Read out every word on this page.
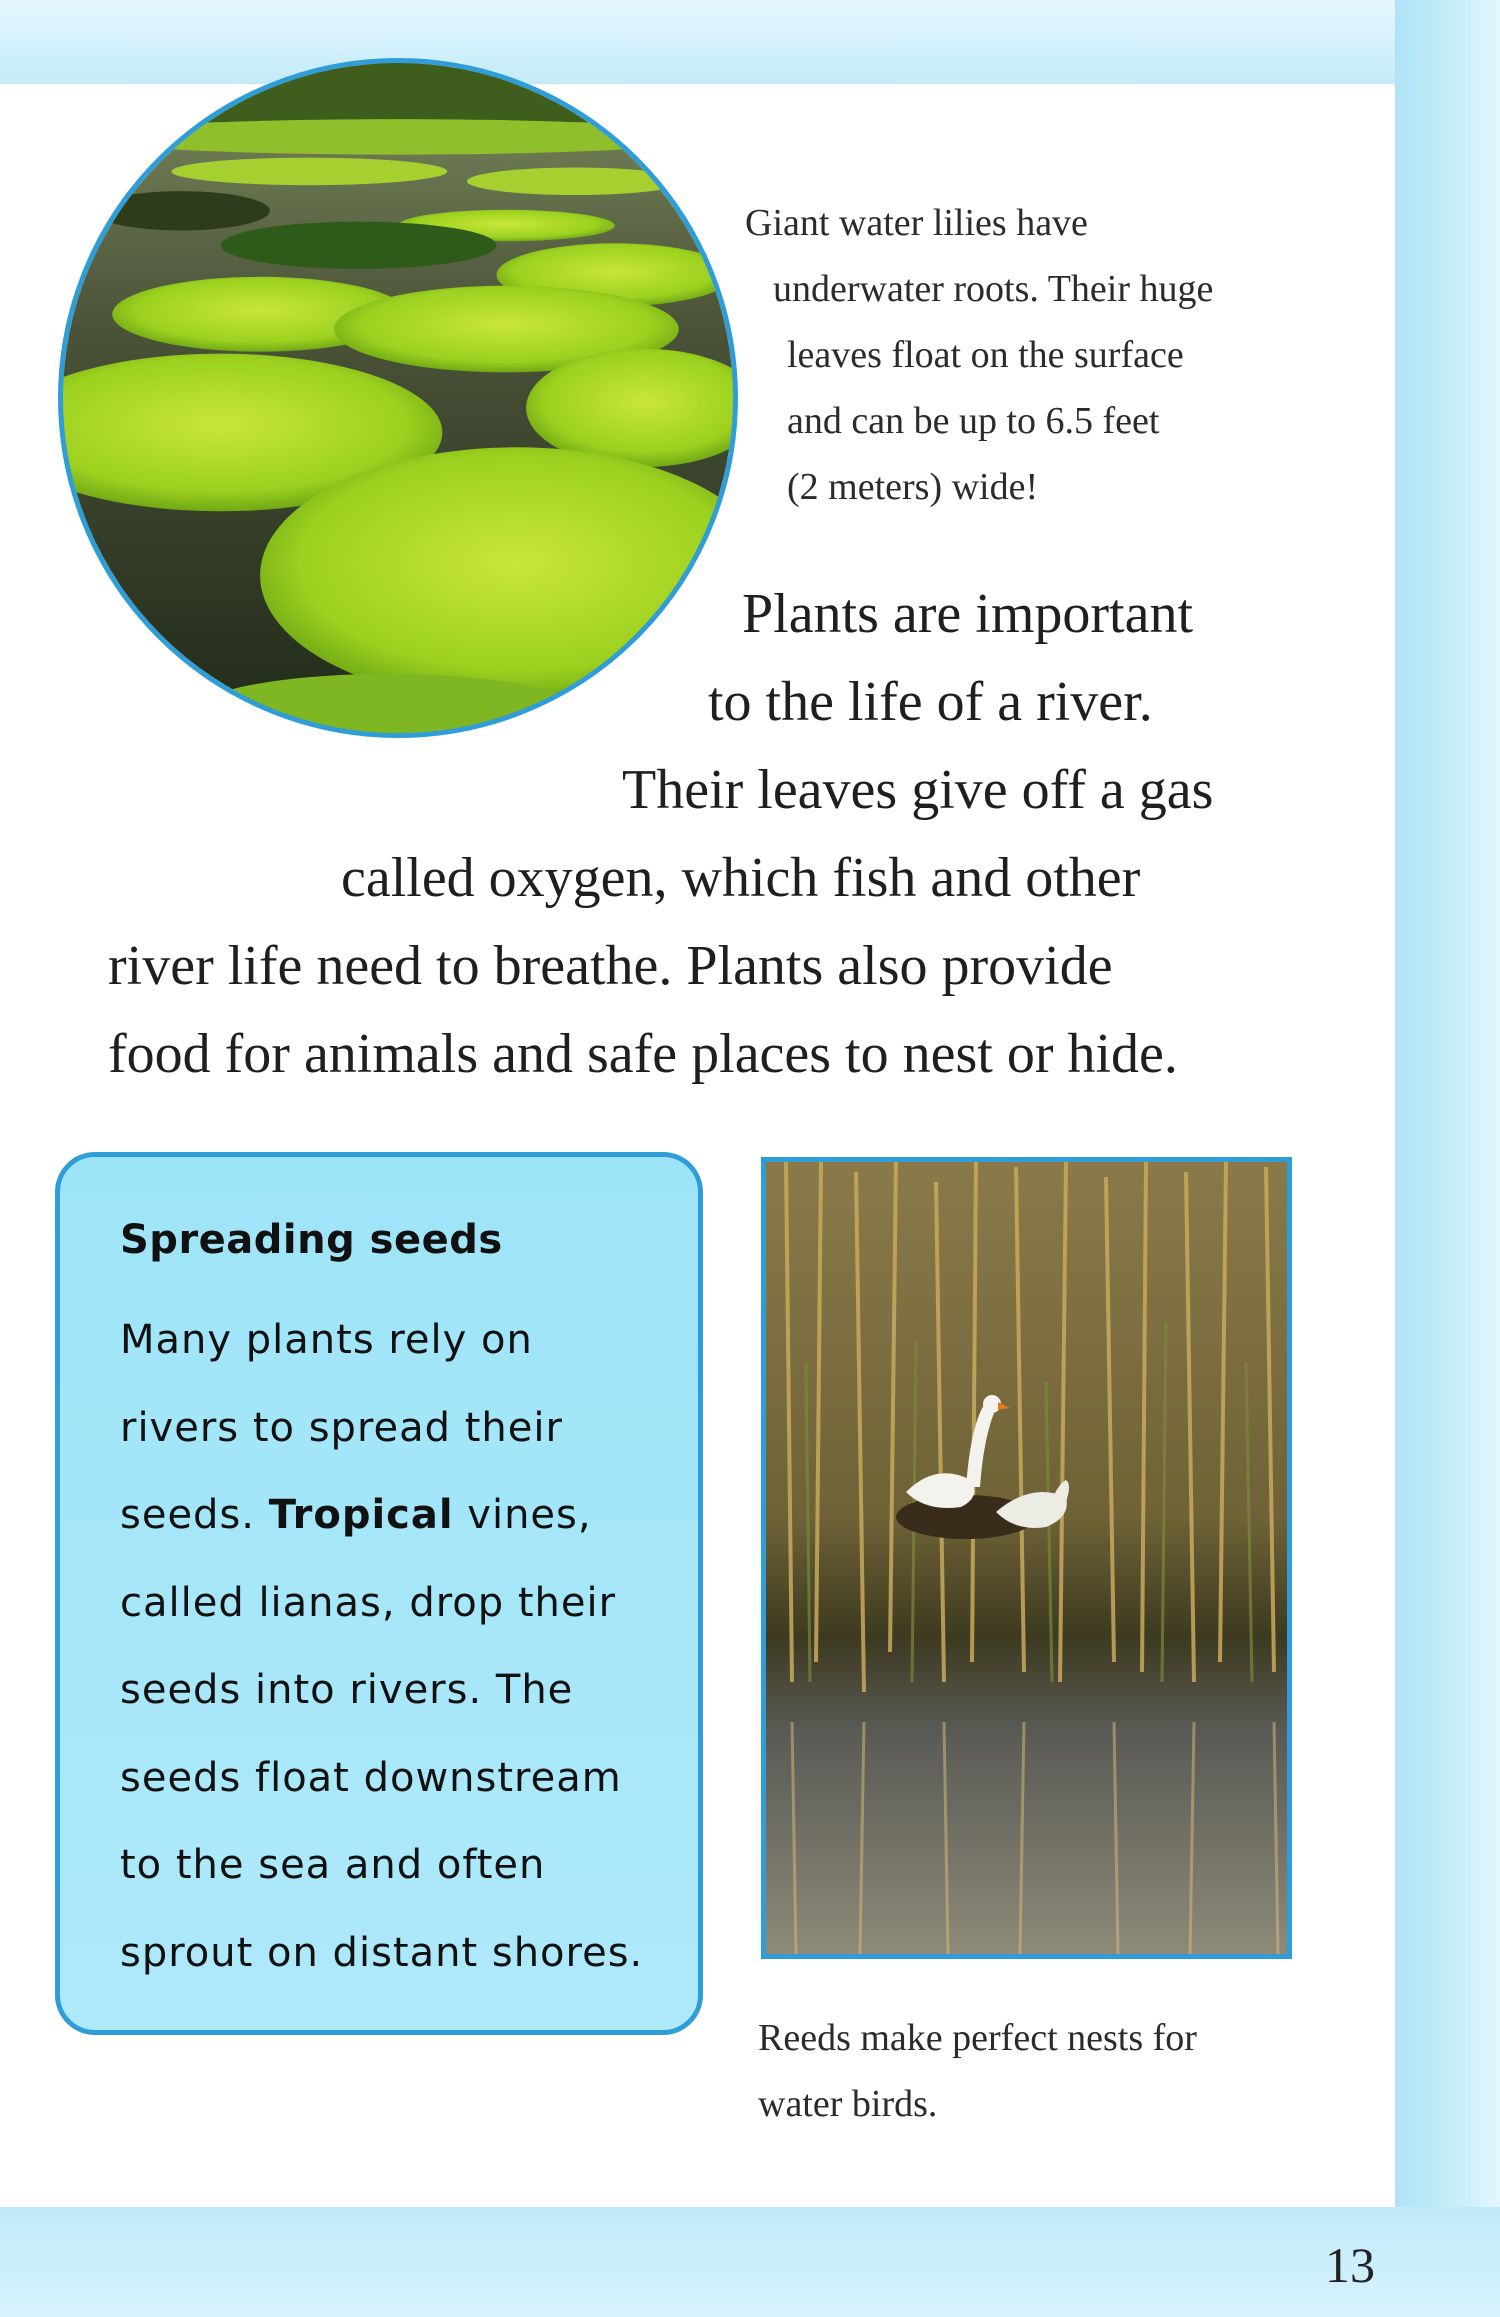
Giant water lilies have
underwater roots. Their huge
leaves float on the surface
and can be up to 6.5 feet
(2 meters) wide!
Plants are important
to the life of a river.
Their leaves give off a gas
called oxygen, which fish and other
river life need to breathe. Plants also provide
food for animals and safe places to nest or hide.
Spreading seeds
Many plants rely on
rivers to spread their
seeds. Tropical vines,
called lianas, drop their
seeds into rivers. The
seeds float downstream
to the sea and often
sprout on distant shores.
Reeds make perfect nests for
water birds.
13
